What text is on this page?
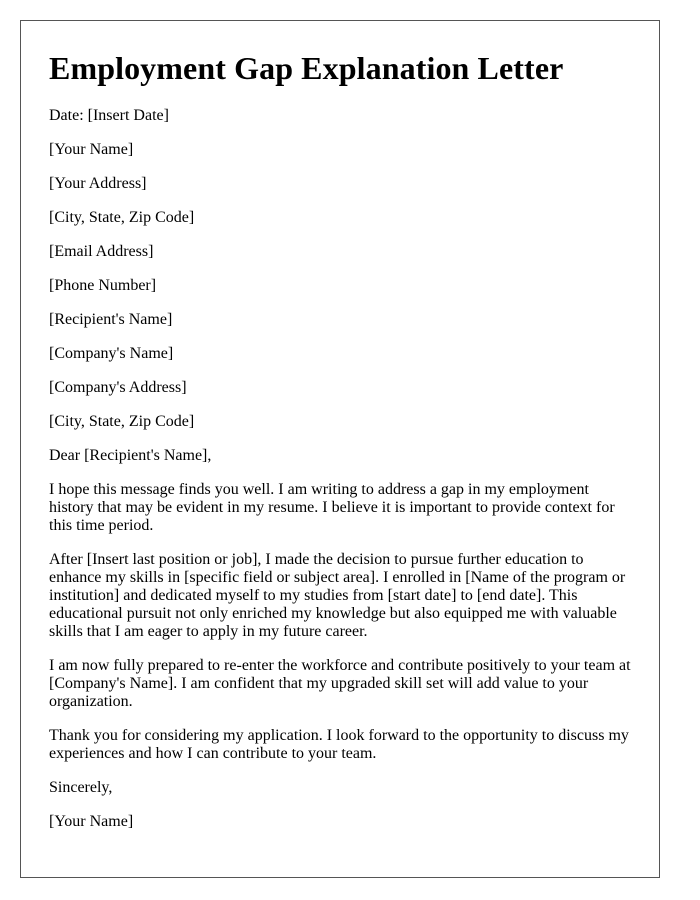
Employment Gap Explanation Letter

Date: [Insert Date]

[Your Name]

[Your Address]

[City, State, Zip Code]

[Email Address]

[Phone Number]

[Recipient's Name]

[Company's Name]

[Company's Address]

[City, State, Zip Code]

Dear [Recipient's Name],

I hope this message finds you well. I am writing to address a gap in my employment history that may be evident in my resume. I believe it is important to provide context for this time period.

After [Insert last position or job], I made the decision to pursue further education to enhance my skills in [specific field or subject area]. I enrolled in [Name of the program or institution] and dedicated myself to my studies from [start date] to [end date]. This educational pursuit not only enriched my knowledge but also equipped me with valuable skills that I am eager to apply in my future career.

I am now fully prepared to re-enter the workforce and contribute positively to your team at [Company's Name]. I am confident that my upgraded skill set will add value to your organization.

Thank you for considering my application. I look forward to the opportunity to discuss my experiences and how I can contribute to your team.

Sincerely,

[Your Name]
